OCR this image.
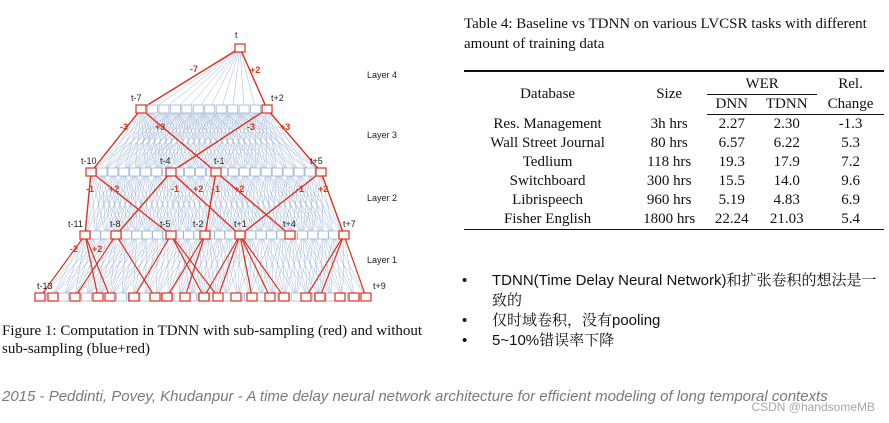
Layer 4
Layer 3
Layer 2
Layer 1
t
t-7	t+2
t-10	t-4	t-1	t+5
t-11	t-8	t-5 t-2	t+1	t+4	t+7
t-13	t+9
-7	+2
-3	+3	-3	+3
-1 +2	-1 +2 -1 +2	-1 +2
-2 +2
Figure 1: Computation in TDNN with sub-sampling (red) and without sub-sampling (blue+red)
Table 4: Baseline vs TDNN on various LVCSR tasks with different amount of training data
Database	Size	WER		Rel.
		DNN	TDNN	Change
Res. Management	3h hrs	2.27	2.30	-1.3
Wall Street Journal	80 hrs	6.57	6.22	5.3
Tedlium	118 hrs	19.3	17.9	7.2
Switchboard	300 hrs	15.5	14.0	9.6
Librispeech	960 hrs	5.19	4.83	6.9
Fisher English	1800 hrs	22.24	21.03	5.4
• TDNN(Time Delay Neural Network)和扩张卷积的想法是一致的
• 仅时域卷积，没有pooling
• 5~10%错误率下降
2015 - Peddinti, Povey, Khudanpur - A time delay neural network architecture for efficient modeling of long temporal contexts
CSDN @handsomeMB
